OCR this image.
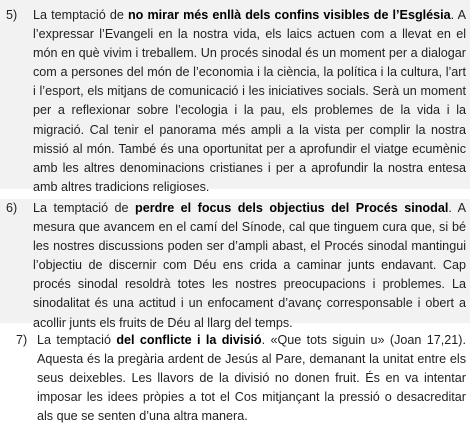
5)	La temptació de no mirar més enllà dels confins visibles de l’Església. A l’expressar l’Evangeli en la nostra vida, els laics actuen com a llevat en el món en què vivim i treballem. Un procés sinodal és un moment per a dialogar com a persones del món de l’economia i la ciència, la política i la cultura, l’art i l’esport, els mitjans de comunicació i les iniciatives socials. Serà un moment per a reflexionar sobre l’ecologia i la pau, els problemes de la vida i la migració. Cal tenir el panorama més ampli a la vista per complir la nostra missió al món. També és una oportunitat per a aprofundir el viatge ecumènic amb les altres denominacions cristianes i per a aprofundir la nostra entesa amb altres tradicions religioses.
6)	La temptació de perdre el focus dels objectius del Procés sinodal. A mesura que avancem en el camí del Sínode, cal que tinguem cura que, si bé les nostres discussions poden ser d’ampli abast, el Procés sinodal mantingui l’objectiu de discernir com Déu ens crida a caminar junts endavant. Cap procés sinodal resoldrà totes les nostres preocupacions i problemes. La sinodalitat és una actitud i un enfocament d’avanç corresponsable i obert a acollir junts els fruits de Déu al llarg del temps.
7) La temptació del conflicte i la divisió. «Que tots siguin u» (Joan 17,21). Aquesta és la pregària ardent de Jesús al Pare, demanant la unitat entre els seus deixebles. Les llavors de la divisió no donen fruit. És en va intentar imposar les idees pròpies a tot el Cos mitjançant la pressió o desacreditar als que se senten d’una altra manera.
